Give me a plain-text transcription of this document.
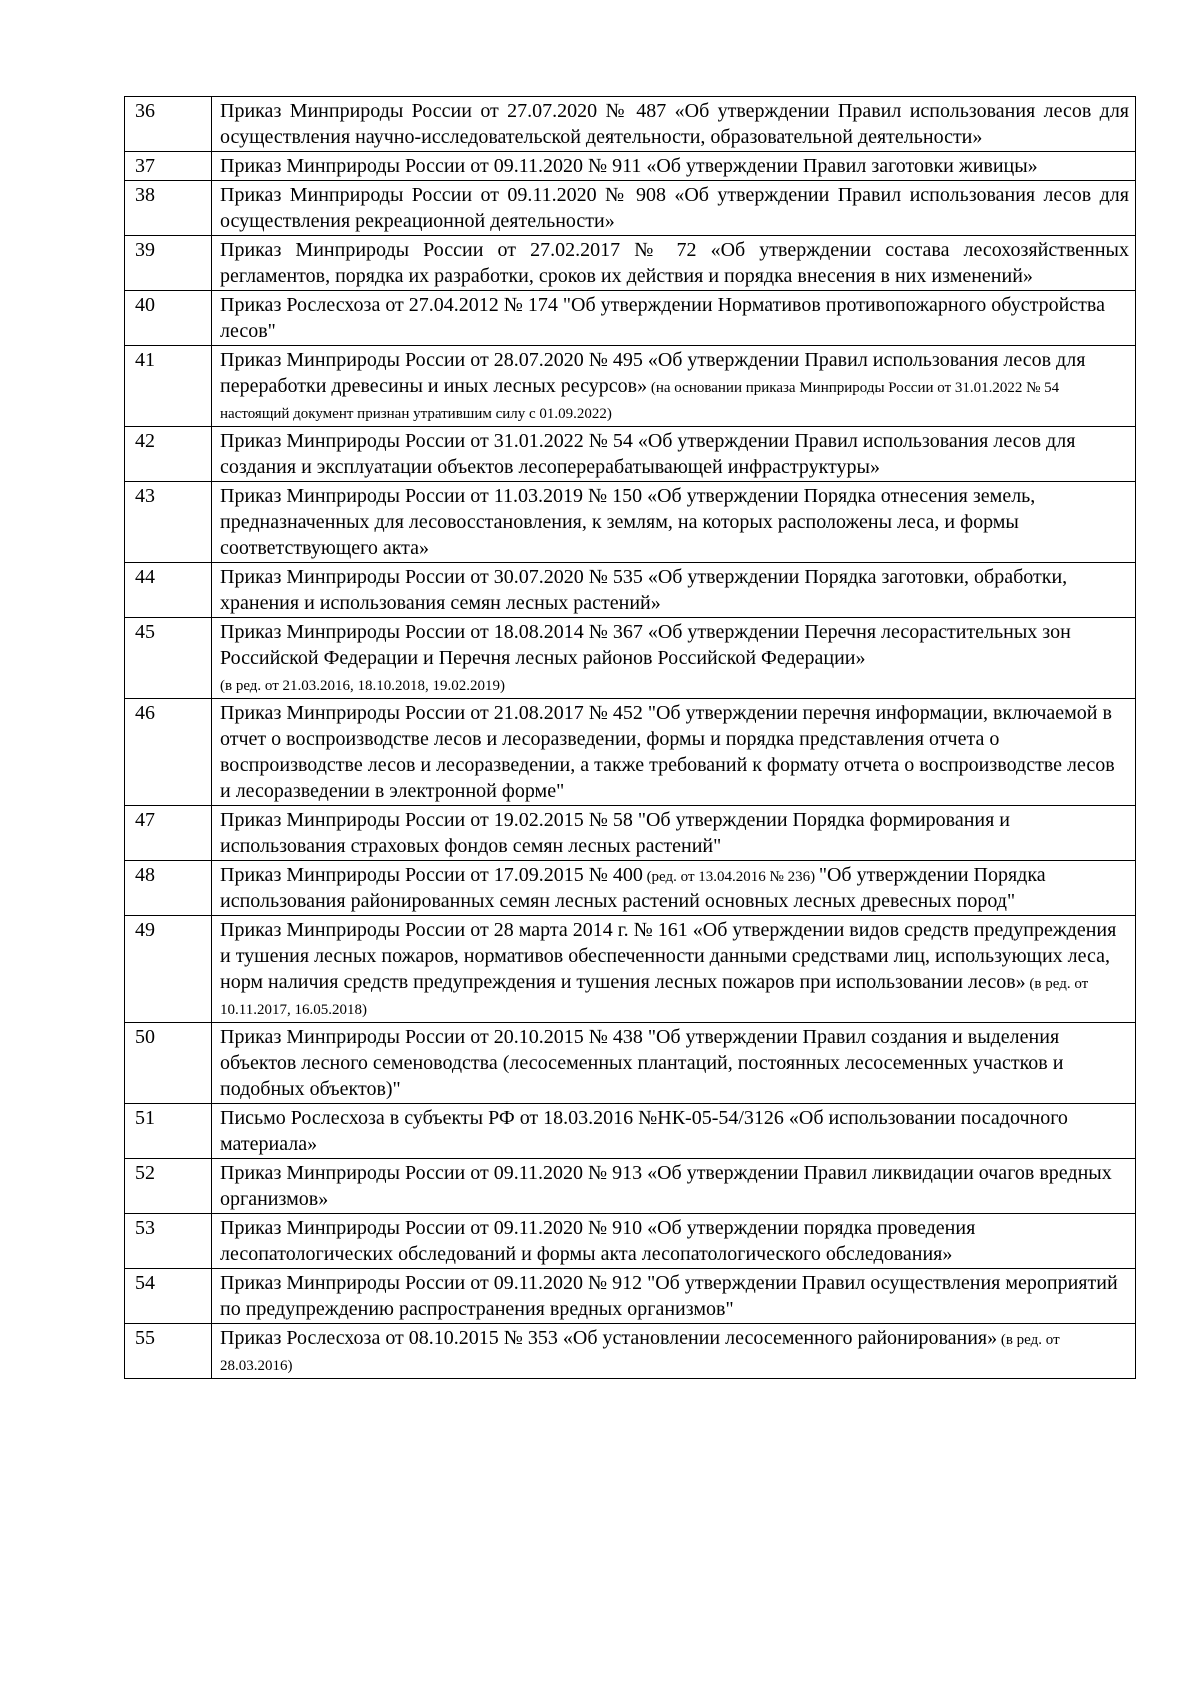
36	Приказ Минприроды России от 27.07.2020 № 487 «Об утверждении Правил использования лесов для осуществления научно-исследовательской деятельности, образовательной деятельности»
37	Приказ Минприроды России от 09.11.2020 № 911 «Об утверждении Правил заготовки живицы»
38	Приказ Минприроды России от 09.11.2020 № 908 «Об утверждении Правил использования лесов для осуществления рекреационной деятельности»
39	Приказ Минприроды России от 27.02.2017 № 72 «Об утверждении состава лесохозяйственных регламентов, порядка их разработки, сроков их действия и порядка внесения в них изменений»
40	Приказ Рослесхоза от 27.04.2012 № 174 "Об утверждении Нормативов противопожарного обустройства лесов"
41	Приказ Минприроды России от 28.07.2020 № 495 «Об утверждении Правил использования лесов для переработки древесины и иных лесных ресурсов» (на основании приказа Минприроды России от 31.01.2022 № 54 настоящий документ признан утратившим силу с 01.09.2022)
42	Приказ Минприроды России от 31.01.2022 № 54 «Об утверждении Правил использования лесов для создания и эксплуатации объектов лесоперерабатывающей инфраструктуры»
43	Приказ Минприроды России от 11.03.2019 № 150 «Об утверждении Порядка отнесения земель, предназначенных для лесовосстановления, к землям, на которых расположены леса, и формы соответствующего акта»
44	Приказ Минприроды России от 30.07.2020 № 535 «Об утверждении Порядка заготовки, обработки, хранения и использования семян лесных растений»
45	Приказ Минприроды России от 18.08.2014 № 367 «Об утверждении Перечня лесорастительных зон Российской Федерации и Перечня лесных районов Российской Федерации»
(в ред. от 21.03.2016, 18.10.2018, 19.02.2019)
46	Приказ Минприроды России от 21.08.2017 № 452 "Об утверждении перечня информации, включаемой в отчет о воспроизводстве лесов и лесоразведении, формы и порядка представления отчета о воспроизводстве лесов и лесоразведении, а также требований к формату отчета о воспроизводстве лесов и лесоразведении в электронной форме"
47	Приказ Минприроды России от 19.02.2015 № 58 "Об утверждении Порядка формирования и использования страховых фондов семян лесных растений"
48	Приказ Минприроды России от 17.09.2015 № 400 (ред. от 13.04.2016 № 236) "Об утверждении Порядка использования районированных семян лесных растений основных лесных древесных пород"
49	Приказ Минприроды России от 28 марта 2014 г. № 161 «Об утверждении видов средств предупреждения и тушения лесных пожаров, нормативов обеспеченности данными средствами лиц, использующих леса, норм наличия средств предупреждения и тушения лесных пожаров при использовании лесов» (в ред. от 10.11.2017, 16.05.2018)
50	Приказ Минприроды России от 20.10.2015 № 438 "Об утверждении Правил создания и выделения объектов лесного семеноводства (лесосеменных плантаций, постоянных лесосеменных участков и подобных объектов)"
51	Письмо Рослесхоза в субъекты РФ от 18.03.2016 №НК-05-54/3126 «Об использовании посадочного материала»
52	Приказ Минприроды России от 09.11.2020 № 913 «Об утверждении Правил ликвидации очагов вредных организмов»
53	Приказ Минприроды России от 09.11.2020 № 910 «Об утверждении порядка проведения лесопатологических обследований и формы акта лесопатологического обследования»
54	Приказ Минприроды России от 09.11.2020 № 912 "Об утверждении Правил осуществления мероприятий по предупреждению распространения вредных организмов"
55	Приказ Рослесхоза от 08.10.2015 № 353 «Об установлении лесосеменного районирования» (в ред. от 28.03.2016)
